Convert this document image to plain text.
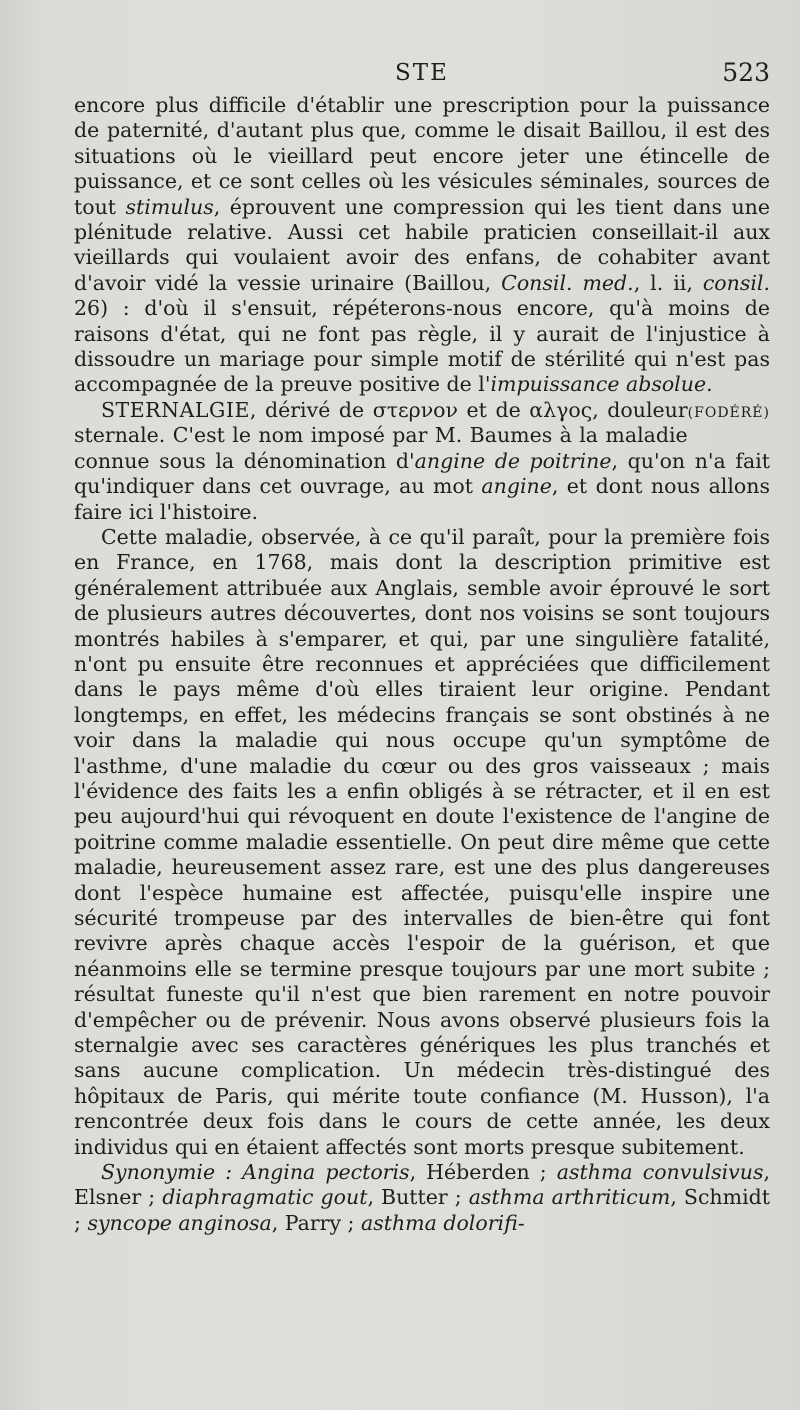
STE	523

encore plus difficile d'établir une prescription pour la puissance de paternité, d'autant plus que, comme le disait Baillou, il est des situations où le vieillard peut encore jeter une étincelle de puissance, et ce sont celles où les vésicules séminales, sources de tout stimulus, éprouvent une compression qui les tient dans une plénitude relative. Aussi cet habile praticien conseillait-il aux vieillards qui voulaient avoir des enfans, de cohabiter avant d'avoir vidé la vessie urinaire (Baillou, Consil. med., l. ii, consil. 26) : d'où il s'ensuit, répéterons-nous encore, qu'à moins de raisons d'état, qui ne font pas règle, il y aurait de l'injustice à dissoudre un mariage pour simple motif de stérilité qui n'est pas accompagnée de la preuve positive de l'impuissance absolue.
(FODÉRÉ)

STERNALGIE, dérivé de στερνον et de αλγος, douleur sternale. C'est le nom imposé par M. Baumes à la maladie connue sous la dénomination d'angine de poitrine, qu'on n'a fait qu'indiquer dans cet ouvrage, au mot angine, et dont nous allons faire ici l'histoire.

Cette maladie, observée, à ce qu'il paraît, pour la première fois en France, en 1768, mais dont la description primitive est généralement attribuée aux Anglais, semble avoir éprouvé le sort de plusieurs autres découvertes, dont nos voisins se sont toujours montrés habiles à s'emparer, et qui, par une singulière fatalité, n'ont pu ensuite être reconnues et appréciées que difficilement dans le pays même d'où elles tiraient leur origine. Pendant longtemps, en effet, les médecins français se sont obstinés à ne voir dans la maladie qui nous occupe qu'un symptôme de l'asthme, d'une maladie du cœur ou des gros vaisseaux ; mais l'évidence des faits les a enfin obligés à se rétracter, et il en est peu aujourd'hui qui révoquent en doute l'existence de l'angine de poitrine comme maladie essentielle. On peut dire même que cette maladie, heureusement assez rare, est une des plus dangereuses dont l'espèce humaine est affectée, puisqu'elle inspire une sécurité trompeuse par des intervalles de bien-être qui font revivre après chaque accès l'espoir de la guérison, et que néanmoins elle se termine presque toujours par une mort subite ; résultat funeste qu'il n'est que bien rarement en notre pouvoir d'empêcher ou de prévenir. Nous avons observé plusieurs fois la sternalgie avec ses caractères génériques les plus tranchés et sans aucune complication. Un médecin très-distingué des hôpitaux de Paris, qui mérite toute confiance (M. Husson), l'a rencontrée deux fois dans le cours de cette année, les deux individus qui en étaient affectés sont morts presque subitement.

Synonymie : Angina pectoris, Héberden ; asthma convulsivus, Elsner ; diaphragmatic gout, Butter ; asthma arthriticum, Schmidt ; syncope anginosa, Parry ; asthma dolorifi-
